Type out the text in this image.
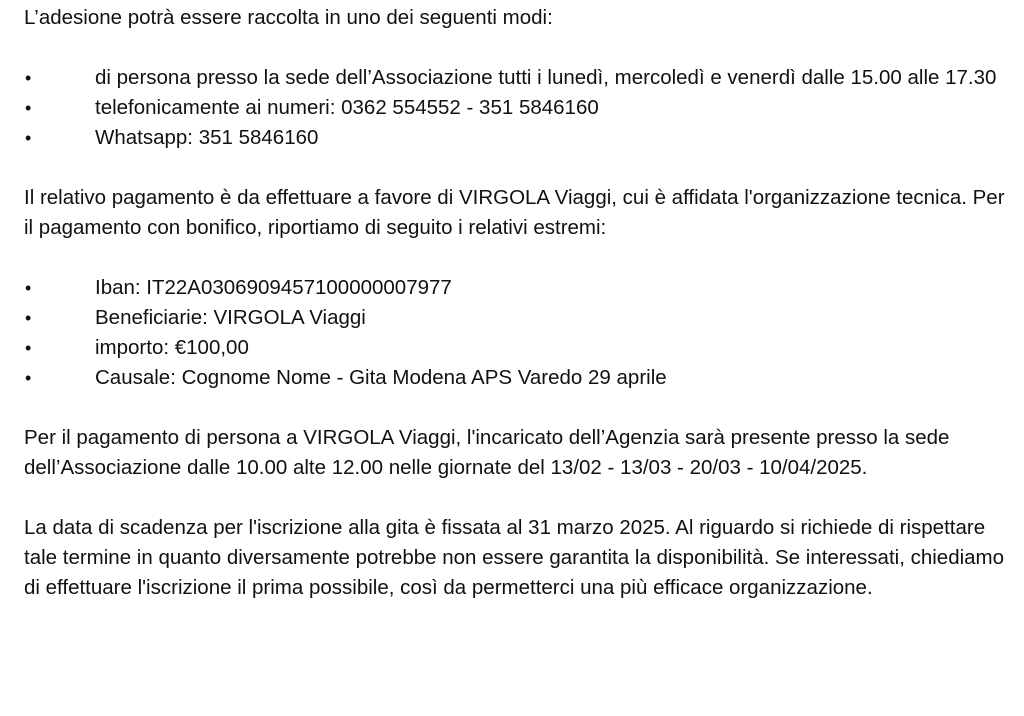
L’adesione potrà essere raccolta in uno dei seguenti modi:

•	di persona presso la sede dell’Associazione tutti i lunedì, mercoledì e venerdì dalle 15.00 alle 17.30
•	telefonicamente ai numeri: 0362 554552 - 351 5846160
•	Whatsapp: 351 5846160

Il relativo pagamento è da effettuare a favore di VIRGOLA Viaggi, cui è affidata l'organizzazione tecnica. Per il pagamento con bonifico, riportiamo di seguito i relativi estremi:

•	Iban: IT22A0306909457100000007977
•	Beneficiarie: VIRGOLA Viaggi
•	importo: €100,00
•	Causale: Cognome Nome - Gita Modena APS Varedo 29 aprile

Per il pagamento di persona a VIRGOLA Viaggi, l'incaricato dell’Agenzia sarà presente presso la sede dell’Associazione dalle 10.00 alte 12.00 nelle giornate del 13/02 - 13/03 - 20/03 - 10/04/2025.

La data di scadenza per l'iscrizione alla gita è fissata al 31 marzo 2025. Al riguardo si richiede di rispettare tale termine in quanto diversamente potrebbe non essere garantita la disponibilità. Se interessati, chiediamo di effettuare l'iscrizione il prima possibile, così da permetterci una più efficace organizzazione.
